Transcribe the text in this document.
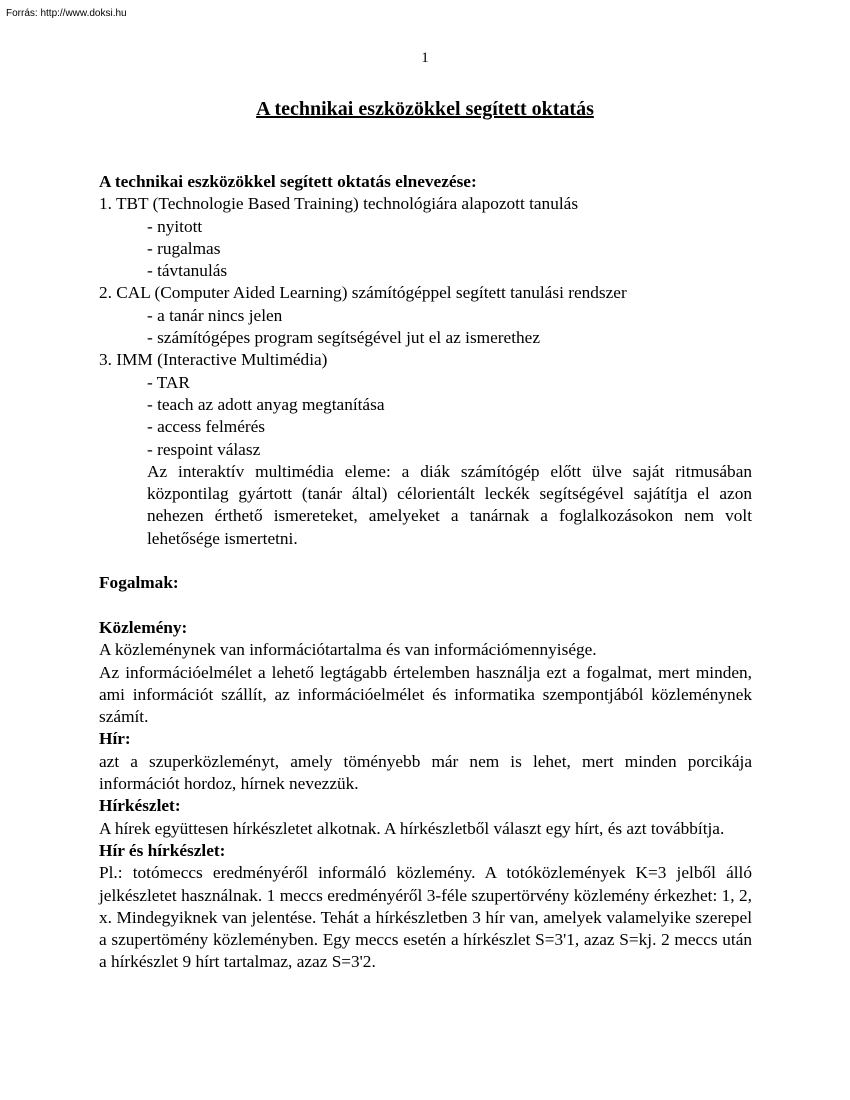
Forrás: http://www.doksi.hu
1
A technikai eszközökkel segített oktatás

A technikai eszközökkel segített oktatás elnevezése:

1. TBT (Technologie Based Training) technológiára alapozott tanulás

- nyitott

- rugalmas

- távtanulás

2. CAL (Computer Aided Learning) számítógéppel segített tanulási rendszer

- a tanár nincs jelen

- számítógépes program segítségével jut el az ismerethez

3. IMM (Interactive Multimédia)

- TAR

- teach az adott anyag megtanítása

- access felmérés

- respoint válasz

Az interaktív multimédia eleme: a diák számítógép előtt ülve saját ritmusában központilag gyártott (tanár által) célorientált leckék segítségével sajátítja el azon nehezen érthető ismereteket, amelyeket a tanárnak a foglalkozásokon nem volt lehetősége ismertetni.

Fogalmak:

Közlemény:

A közleménynek van információtartalma és van információmennyisége.

Az információelmélet a lehető legtágabb értelemben használja ezt a fogalmat, mert minden, ami információt szállít, az információelmélet és informatika szempontjából közleménynek számít.

Hír:

azt a szuperközleményt, amely töményebb már nem is lehet, mert minden porcikája információt hordoz, hírnek nevezzük.

Hírkészlet:

A hírek együttesen hírkészletet alkotnak. A hírkészletből választ egy hírt, és azt továbbítja.

Hír és hírkészlet:

Pl.: totómeccs eredményéről informáló közlemény. A totóközlemények K=3 jelből álló jelkészletet használnak. 1 meccs eredményéről 3-féle szupertörvény közlemény érkezhet: 1, 2, x. Mindegyiknek van jelentése. Tehát a hírkészletben 3 hír van, amelyek valamelyike szerepel a szupertömény közleményben. Egy meccs esetén a hírkészlet S=3'1, azaz S=kj. 2 meccs után a hírkészlet 9 hírt tartalmaz, azaz S=3'2.
